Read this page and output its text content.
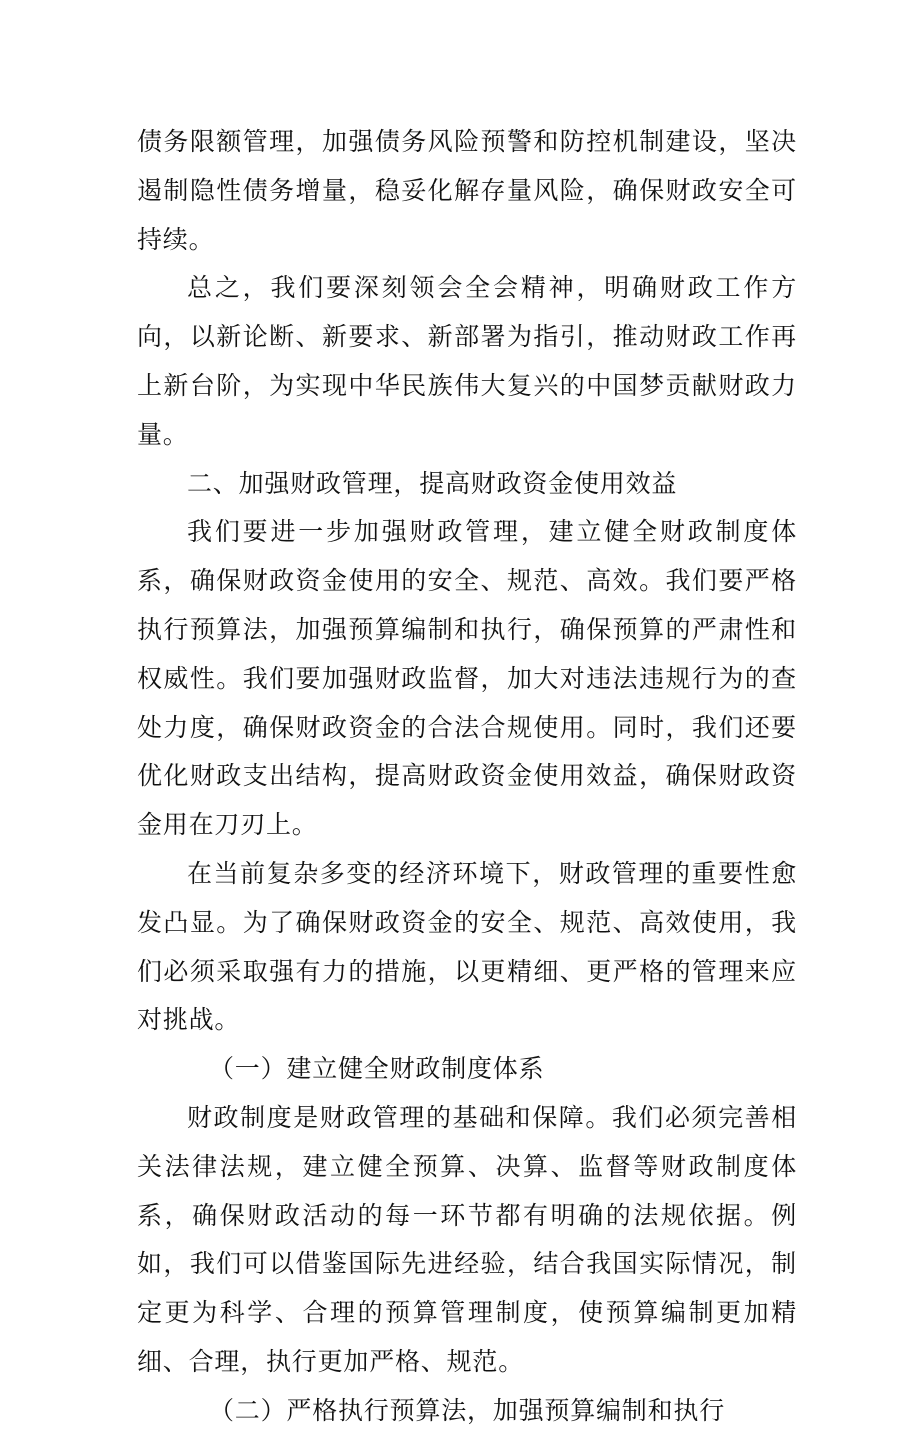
债务限额管理，加强债务风险预警和防控机制建设，坚决遏制隐性债务增量，稳妥化解存量风险，确保财政安全可持续。

总之，我们要深刻领会全会精神，明确财政工作方向，以新论断、新要求、新部署为指引，推动财政工作再上新台阶，为实现中华民族伟大复兴的中国梦贡献财政力量。

二、加强财政管理，提高财政资金使用效益

我们要进一步加强财政管理，建立健全财政制度体系，确保财政资金使用的安全、规范、高效。我们要严格执行预算法，加强预算编制和执行，确保预算的严肃性和权威性。我们要加强财政监督，加大对违法违规行为的查处力度，确保财政资金的合法合规使用。同时，我们还要优化财政支出结构，提高财政资金使用效益，确保财政资金用在刀刃上。

在当前复杂多变的经济环境下，财政管理的重要性愈发凸显。为了确保财政资金的安全、规范、高效使用，我们必须采取强有力的措施，以更精细、更严格的管理来应对挑战。

（一）建立健全财政制度体系

财政制度是财政管理的基础和保障。我们必须完善相关法律法规，建立健全预算、决算、监督等财政制度体系，确保财政活动的每一环节都有明确的法规依据。例如，我们可以借鉴国际先进经验，结合我国实际情况，制定更为科学、合理的预算管理制度，使预算编制更加精细、合理，执行更加严格、规范。

（二）严格执行预算法，加强预算编制和执行
